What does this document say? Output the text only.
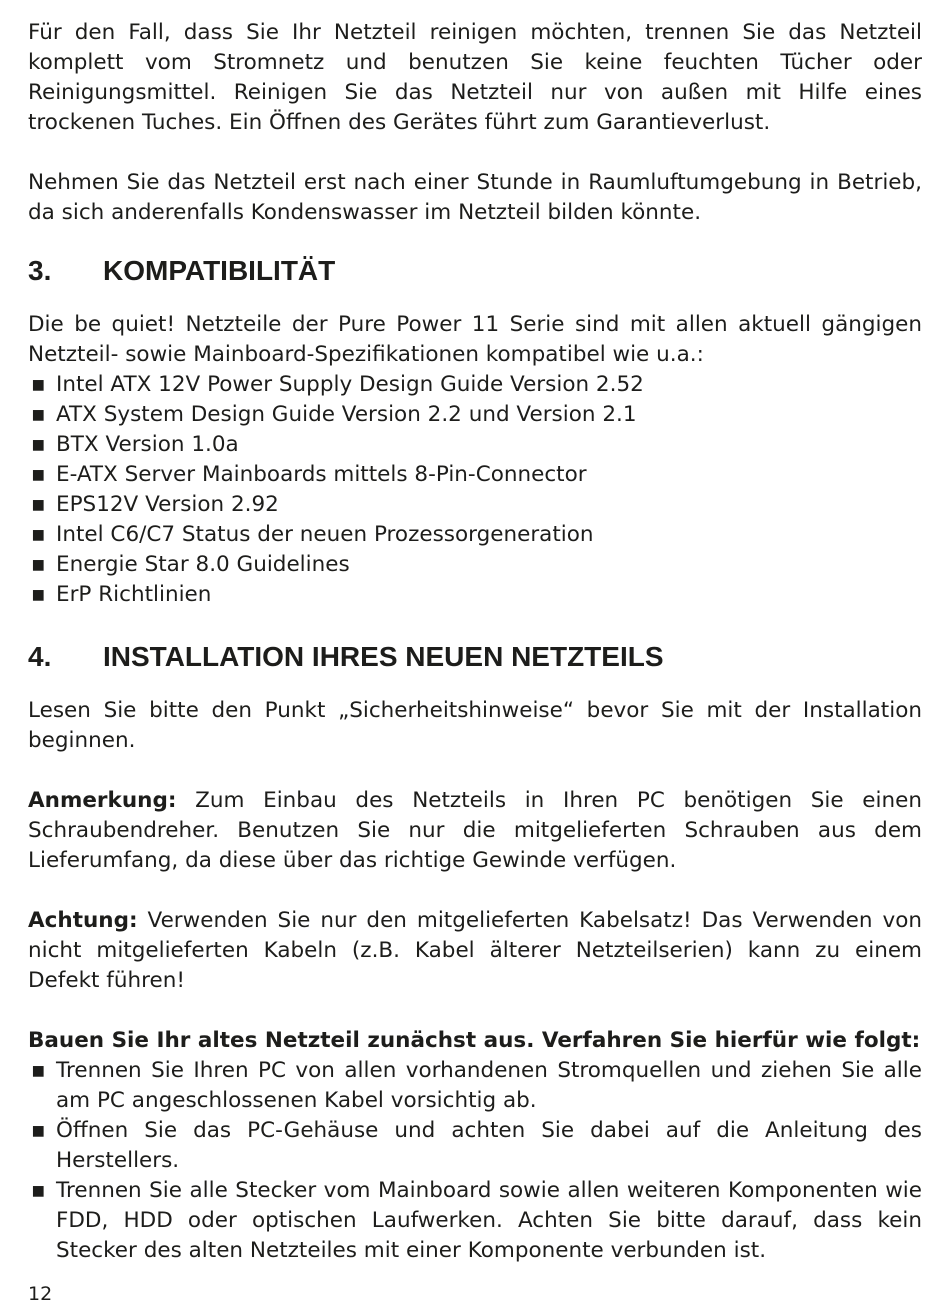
Für den Fall, dass Sie Ihr Netzteil reinigen möchten, trennen Sie das Netzteil komplett vom Stromnetz und benutzen Sie keine feuchten Tücher oder Reinigungsmittel. Reinigen Sie das Netzteil nur von außen mit Hilfe eines trockenen Tuches. Ein Öffnen des Gerätes führt zum Garantieverlust.

Nehmen Sie das Netzteil erst nach einer Stunde in Raumluftumgebung in Betrieb, da sich anderenfalls Kondenswasser im Netzteil bilden könnte.

3.	KOMPATIBILITÄT

Die be quiet! Netzteile der Pure Power 11 Serie sind mit allen aktuell gängigen Netzteil- sowie Mainboard-Spezifikationen kompatibel wie u.a.:

▪ Intel ATX 12V Power Supply Design Guide Version 2.52
▪ ATX System Design Guide Version 2.2 und Version 2.1
▪ BTX Version 1.0a
▪ E-ATX Server Mainboards mittels 8-Pin-Connector
▪ EPS12V Version 2.92
▪ Intel C6/C7 Status der neuen Prozessorgeneration
▪ Energie Star 8.0 Guidelines
▪ ErP Richtlinien
4.	INSTALLATION IHRES NEUEN NETZTEILS

Lesen Sie bitte den Punkt „Sicherheitshinweise“ bevor Sie mit der Installation beginnen.

Anmerkung: Zum Einbau des Netzteils in Ihren PC benötigen Sie einen Schraubendreher. Benutzen Sie nur die mitgelieferten Schrauben aus dem Lieferumfang, da diese über das richtige Gewinde verfügen.

Achtung: Verwenden Sie nur den mitgelieferten Kabelsatz! Das Verwenden von nicht mitgelieferten Kabeln (z.B. Kabel älterer Netzteilserien) kann zu einem Defekt führen!

Bauen Sie Ihr altes Netzteil zunächst aus. Verfahren Sie hierfür wie folgt:

▪ Trennen Sie Ihren PC von allen vorhandenen Stromquellen und ziehen Sie alle am PC angeschlossenen Kabel vorsichtig ab.
▪ Öffnen Sie das PC-Gehäuse und achten Sie dabei auf die Anleitung des Herstellers.
▪ Trennen Sie alle Stecker vom Mainboard sowie allen weiteren Komponenten wie FDD, HDD oder optischen Laufwerken. Achten Sie bitte darauf, dass kein Stecker des alten Netzteiles mit einer Komponente verbunden ist.
12
